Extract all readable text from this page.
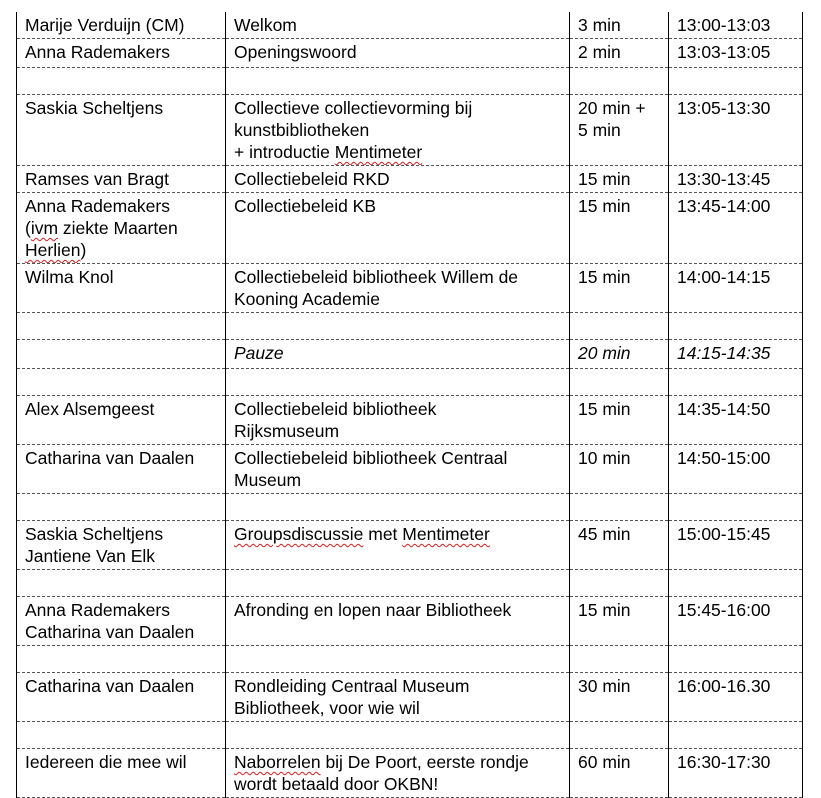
Marije Verduijn (CM)	Welkom	3 min	13:00-13:03

Anna Rademakers	Openingswoord	2 min	13:03-13:05

Saskia Scheltjens	Collectieve collectievorming bij
kunstbibliotheken
+ introductie Mentimeter	20 min +
5 min	13:05-13:30

Ramses van Bragt	Collectiebeleid RKD	15 min	13:30-13:45

Anna Rademakers
(ivm ziekte Maarten
Herlien)	Collectiebeleid KB	15 min	13:45-14:00

Wilma Knol	Collectiebeleid bibliotheek Willem de
Kooning Academie	15 min	14:00-14:15

	Pauze	20 min	14:15-14:35

Alex Alsemgeest	Collectiebeleid bibliotheek
Rijksmuseum	15 min	14:35-14:50

Catharina van Daalen	Collectiebeleid bibliotheek Centraal
Museum	10 min	14:50-15:00

Saskia Scheltjens
Jantiene Van Elk	Groupsdiscussie met Mentimeter	45 min	15:00-15:45

Anna Rademakers
Catharina van Daalen	Afronding en lopen naar Bibliotheek	15 min	15:45-16:00

Catharina van Daalen	Rondleiding Centraal Museum
Bibliotheek, voor wie wil	30 min	16:00-16.30

Iedereen die mee wil	Naborrelen bij De Poort, eerste rondje
wordt betaald door OKBN!	60 min	16:30-17:30
